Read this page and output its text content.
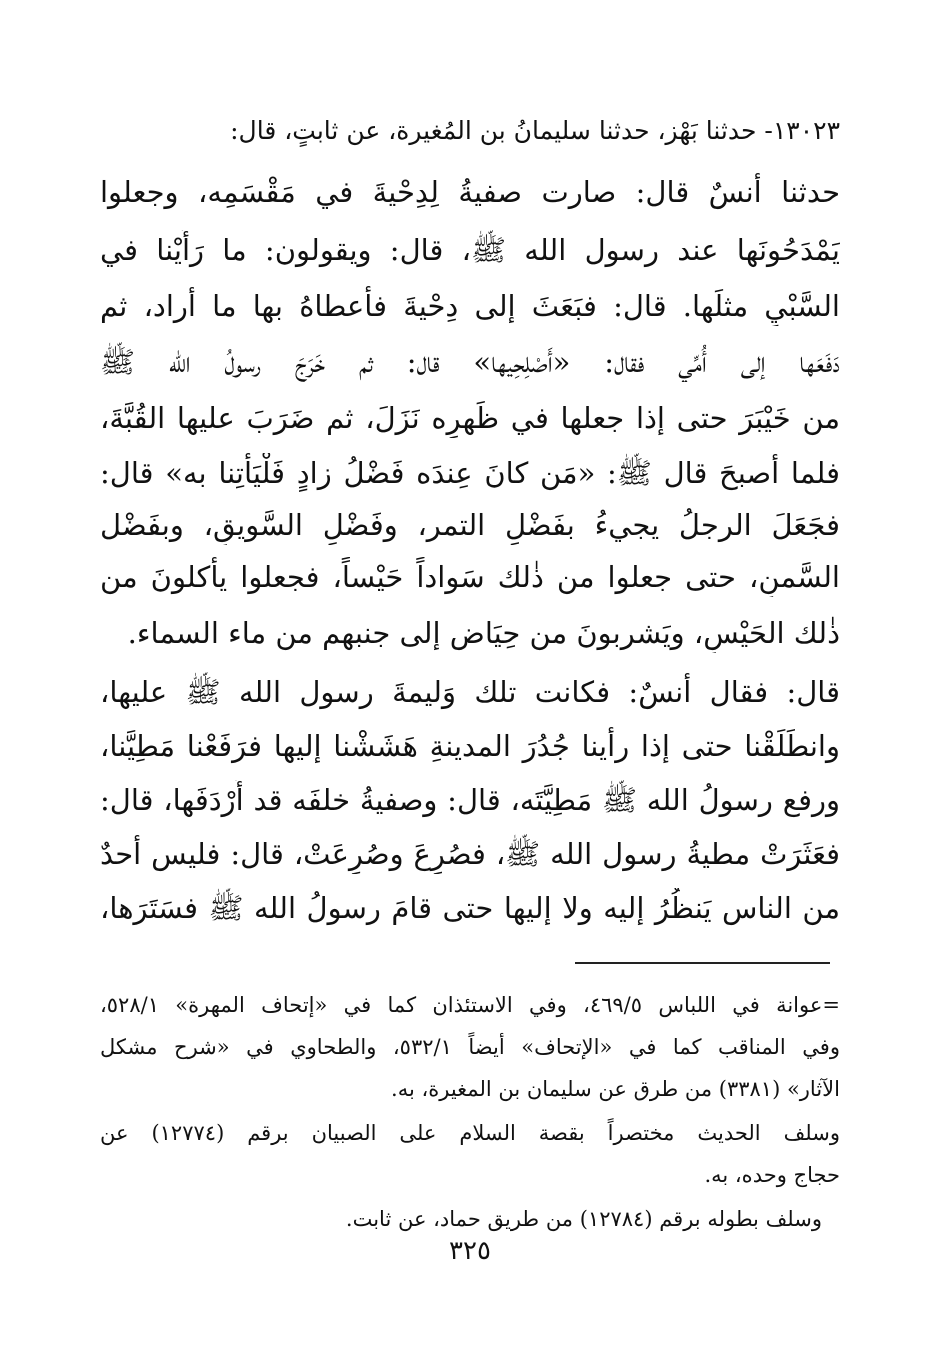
١٣٠٢٣- حدثنا بَهْز، حدثنا سليمانُ بن المُغيرة، عن ثابتٍ، قال:
حدثنا أنسٌ قال: صارت صفيةُ لِدِحْيةَ في مَقْسَمِه، وجعلوا
يَمْدَحُونَها عند رسول الله ﷺ، قال: ويقولون: ما رَأَيْنا في
السَّبْيِ مثلَها. قال: فبَعَثَ إلى دِحْيةَ فأعطاهُ بها ما أراد، ثم
دَفَعَها إلى أُمِّي فقال: «أَصْلِحِيها» قال: ثم خَرَجَ رسولُ الله ﷺ
من خَيْبَرَ حتى إذا جعلها في ظَهرِه نَزَلَ، ثم ضَرَبَ عليها القُبَّةَ،
فلما أصبحَ قال ﷺ: «مَن كانَ عِندَه فَضْلُ زادٍ فَلْيَأْتِنا به» قال:
فجَعَلَ الرجلُ يجيءُ بفَضْلِ التمر، وفَضْلِ السَّويقِ، وبفَضْل
السَّمنِ، حتى جعلوا من ذٰلك سَواداً حَيْساً، فجعلوا يأكلونَ من
ذٰلك الحَيْسِ، ويَشربونَ من حِيَاضٍ إلى جنبهم من ماء السماء.
قال: فقال أنسٌ: فكانت تلك وَليمةَ رسول الله ﷺ عليها،
وانطَلَقْنا حتى إذا رأينا جُدُرَ المدينةِ هَشَشْنا إليها فرَفَعْنا مَطِيَّنا،
ورفع رسولُ الله ﷺ مَطِيَّتَه، قال: وصفيةُ خلفَه قد أَرْدَفَها، قال:
فعَثَرَتْ مطيةُ رسول الله ﷺ، فصُرِعَ وصُرِعَتْ، قال: فليس أحدٌ
من الناس يَنظُرُ إليه ولا إليها حتى قامَ رسولُ الله ﷺ فسَتَرَها،
=عوانة في اللباس ٤٦٩/٥، وفي الاستئذان كما في «إتحاف المهرة» ٥٢٨/١،
وفي المناقب كما في «الإتحاف» أيضاً ٥٣٢/١، والطحاوي في «شرح مشكل
الآثار» (٣٣٨١) من طرق عن سليمان بن المغيرة، به.
وسلف الحديث مختصراً بقصة السلام على الصبيان برقم (١٢٧٧٤) عن
حجاج وحده، به.
وسلف بطوله برقم (١٢٧٨٤) من طريق حماد، عن ثابت.
٣٢٥
